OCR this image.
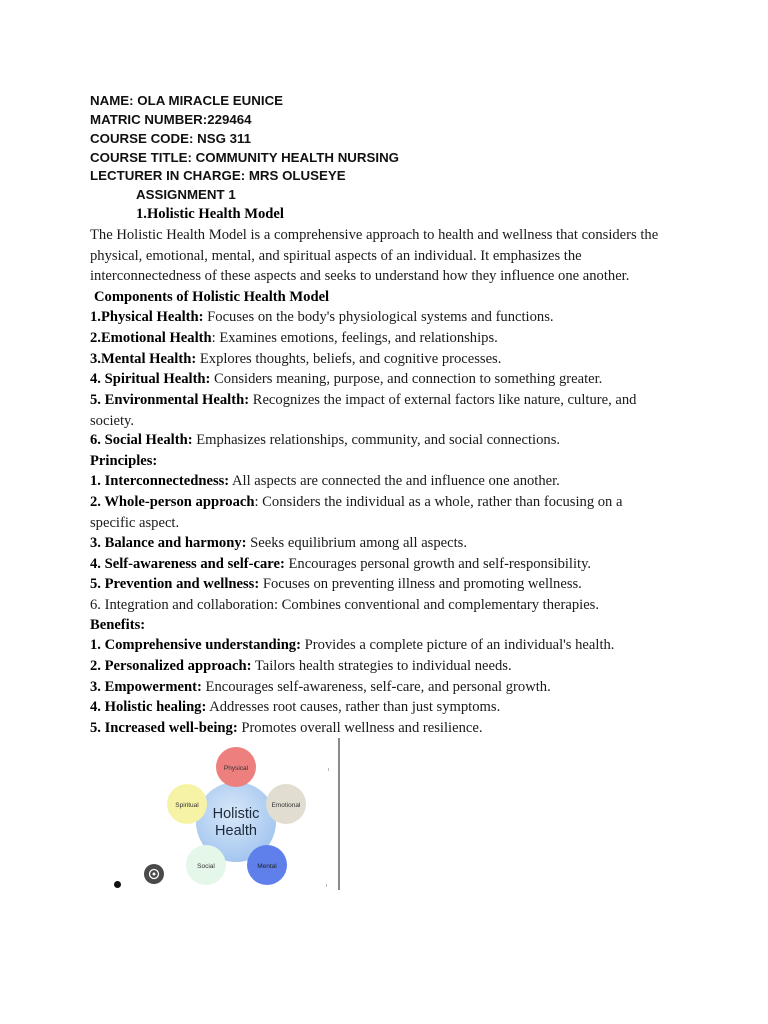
NAME: OLA MIRACLE EUNICE
MATRIC NUMBER:229464
COURSE CODE: NSG 311
COURSE TITLE: COMMUNITY HEALTH NURSING
LECTURER IN CHARGE: MRS OLUSEYE
ASSIGNMENT 1
1.Holistic Health Model
The Holistic Health Model is a comprehensive approach to health and wellness that considers the physical, emotional, mental, and spiritual aspects of an individual. It emphasizes the interconnectedness of these aspects and seeks to understand how they influence one another.
Components of Holistic Health Model
1.Physical Health: Focuses on the body's physiological systems and functions.
2.Emotional Health: Examines emotions, feelings, and relationships.
3.Mental Health: Explores thoughts, beliefs, and cognitive processes.
4. Spiritual Health: Considers meaning, purpose, and connection to something greater.
5. Environmental Health: Recognizes the impact of external factors like nature, culture, and society.
6. Social Health: Emphasizes relationships, community, and social connections.
Principles:
1. Interconnectedness: All aspects are connected the and influence one another.
2. Whole-person approach: Considers the individual as a whole, rather than focusing on a specific aspect.
3. Balance and harmony: Seeks equilibrium among all aspects.
4. Self-awareness and self-care: Encourages personal growth and self-responsibility.
5. Prevention and wellness: Focuses on preventing illness and promoting wellness.
6. Integration and collaboration: Combines conventional and complementary therapies.
Benefits:
1. Comprehensive understanding: Provides a complete picture of an individual's health.
2. Personalized approach: Tailors health strategies to individual needs.
3. Empowerment: Encourages self-awareness, self-care, and personal growth.
4. Holistic healing: Addresses root causes, rather than just symptoms.
5. Increased well-being: Promotes overall wellness and resilience.
Holistic
Health
Physical
Emotional
Mental
Social
Spiritual
